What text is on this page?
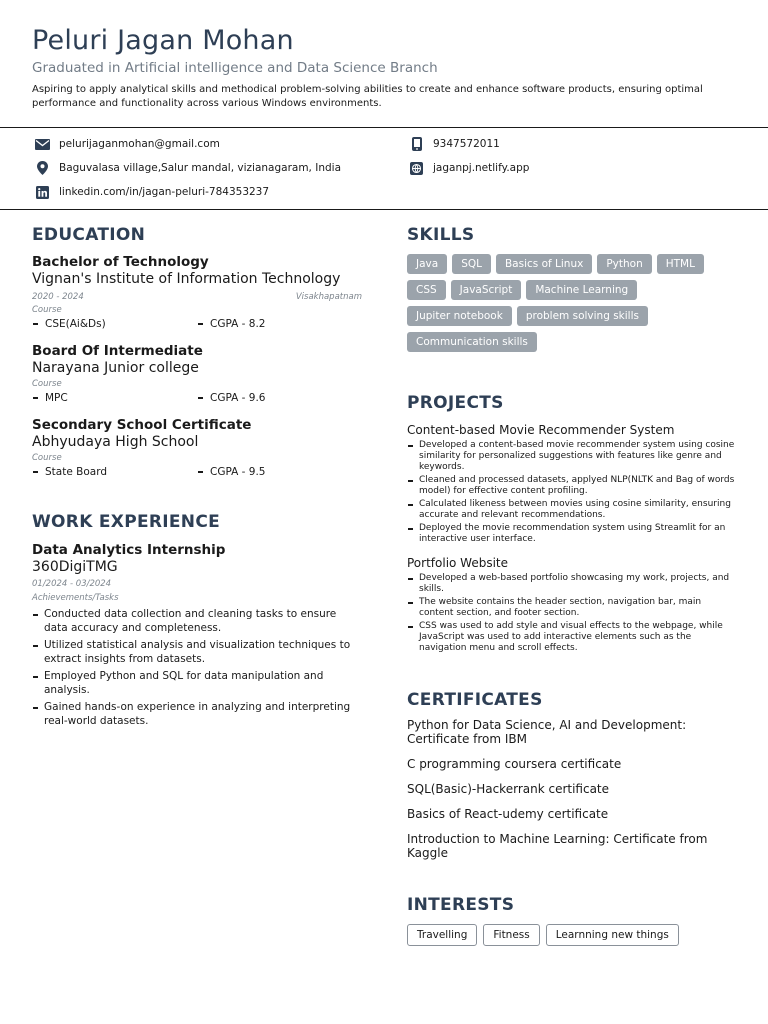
Peluri Jagan Mohan
Graduated in Artificial intelligence and Data Science Branch

Aspiring to apply analytical skills and methodical problem-solving abilities to create and enhance software products, ensuring optimal performance and functionality across various Windows environments.

pelurijaganmohan@gmail.com	9347572011
Baguvalasa village,Salur mandal, vizianagaram, India	jaganpj.netlify.app
linkedin.com/in/jagan-peluri-784353237
EDUCATION
Bachelor of Technology
Vignan's Institute of Information Technology
2020 - 2024	Visakhapatnam
Course
CSE(Ai&Ds)	CGPA - 8.2
Board Of Intermediate
Narayana Junior college
Course
MPC	CGPA - 9.6
Secondary School Certificate
Abhyudaya High School
Course
State Board	CGPA - 9.5
WORK EXPERIENCE
Data Analytics Internship
360DigiTMG
01/2024 - 03/2024
Achievements/Tasks
Conducted data collection and cleaning tasks to ensure data accuracy and completeness.
Utilized statistical analysis and visualization techniques to extract insights from datasets.
Employed Python and SQL for data manipulation and analysis.
Gained hands-on experience in analyzing and interpreting real-world datasets.
SKILLS
Java	SQL	Basics of Linux	Python	HTML
CSS	JavaScript	Machine Learning
Jupiter notebook	problem solving skills
Communication skills
PROJECTS
Content-based Movie Recommender System
Developed a content-based movie recommender system using cosine similarity for personalized suggestions with features like genre and keywords.
Cleaned and processed datasets, applyed NLP(NLTK and Bag of words model) for effective content profiling.
Calculated likeness between movies using cosine similarity, ensuring accurate and relevant recommendations.
Deployed the movie recommendation system using Streamlit for an interactive user interface.
Portfolio Website
Developed a web-based portfolio showcasing my work, projects, and skills.
The website contains the header section, navigation bar, main content section, and footer section.
CSS was used to add style and visual effects to the webpage, while JavaScript was used to add interactive elements such as the navigation menu and scroll effects.
CERTIFICATES
Python for Data Science, AI and Development: Certificate from IBM
C programming coursera certificate
SQL(Basic)-Hackerrank certificate
Basics of React-udemy certificate
Introduction to Machine Learning: Certificate from Kaggle
INTERESTS
Travelling	Fitness	Learnning new things
